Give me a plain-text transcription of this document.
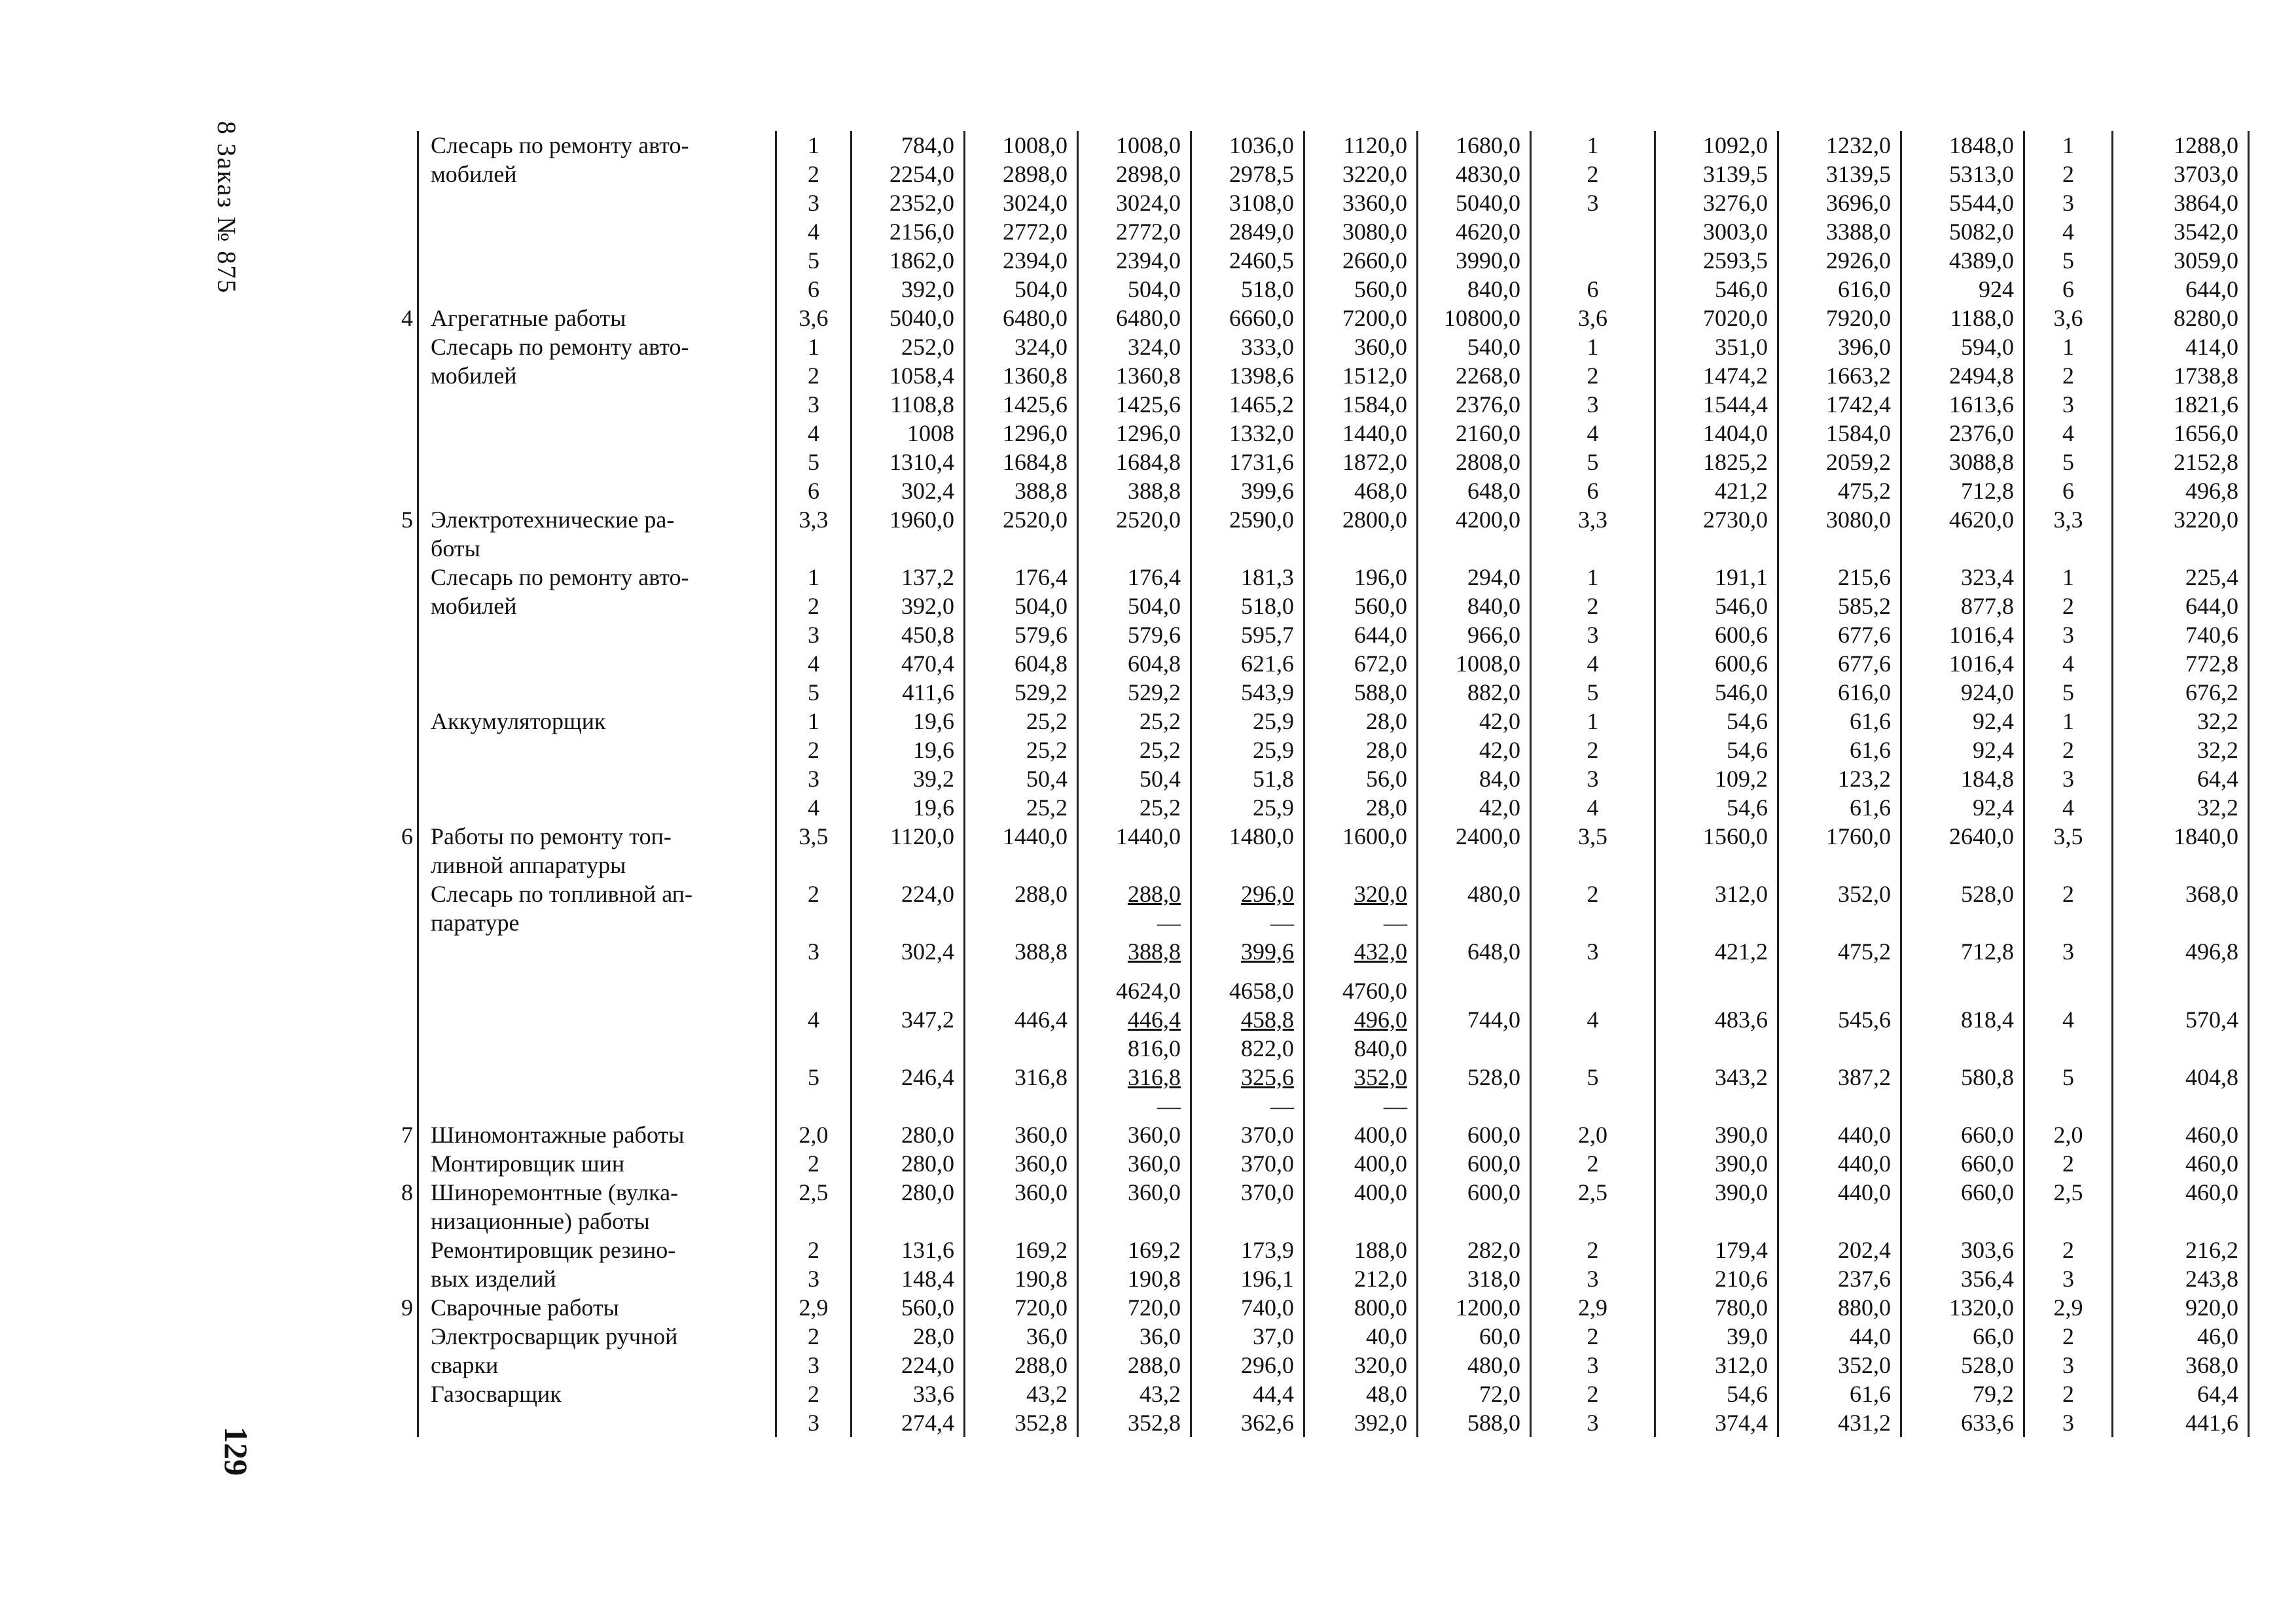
8 Заказ № 875
129
	Слесарь по ремонту авто-	1	784,0	1008,0	1008,0	1036,0	1120,0	1680,0	1	1092,0	1232,0	1848,0	1	1288,0
	мобилей	2	2254,0	2898,0	2898,0	2978,5	3220,0	4830,0	2	3139,5	3139,5	5313,0	2	3703,0
		3	2352,0	3024,0	3024,0	3108,0	3360,0	5040,0	3	3276,0	3696,0	5544,0	3	3864,0
		4	2156,0	2772,0	2772,0	2849,0	3080,0	4620,0		3003,0	3388,0	5082,0	4	3542,0
		5	1862,0	2394,0	2394,0	2460,5	2660,0	3990,0		2593,5	2926,0	4389,0	5	3059,0
		6	392,0	504,0	504,0	518,0	560,0	840,0	6	546,0	616,0	924	6	644,0
4	Агрегатные работы	3,6	5040,0	6480,0	6480,0	6660,0	7200,0	10800,0	3,6	7020,0	7920,0	1188,0	3,6	8280,0
	Слесарь по ремонту авто-	1	252,0	324,0	324,0	333,0	360,0	540,0	1	351,0	396,0	594,0	1	414,0
	мобилей	2	1058,4	1360,8	1360,8	1398,6	1512,0	2268,0	2	1474,2	1663,2	2494,8	2	1738,8
		3	1108,8	1425,6	1425,6	1465,2	1584,0	2376,0	3	1544,4	1742,4	1613,6	3	1821,6
		4	1008	1296,0	1296,0	1332,0	1440,0	2160,0	4	1404,0	1584,0	2376,0	4	1656,0
		5	1310,4	1684,8	1684,8	1731,6	1872,0	2808,0	5	1825,2	2059,2	3088,8	5	2152,8
		6	302,4	388,8	388,8	399,6	468,0	648,0	6	421,2	475,2	712,8	6	496,8
5	Электротехнические ра-	3,3	1960,0	2520,0	2520,0	2590,0	2800,0	4200,0	3,3	2730,0	3080,0	4620,0	3,3	3220,0
	боты													
	Слесарь по ремонту авто-	1	137,2	176,4	176,4	181,3	196,0	294,0	1	191,1	215,6	323,4	1	225,4
	мобилей	2	392,0	504,0	504,0	518,0	560,0	840,0	2	546,0	585,2	877,8	2	644,0
		3	450,8	579,6	579,6	595,7	644,0	966,0	3	600,6	677,6	1016,4	3	740,6
		4	470,4	604,8	604,8	621,6	672,0	1008,0	4	600,6	677,6	1016,4	4	772,8
		5	411,6	529,2	529,2	543,9	588,0	882,0	5	546,0	616,0	924,0	5	676,2
	Аккумуляторщик	1	19,6	25,2	25,2	25,9	28,0	42,0	1	54,6	61,6	92,4	1	32,2
		2	19,6	25,2	25,2	25,9	28,0	42,0	2	54,6	61,6	92,4	2	32,2
		3	39,2	50,4	50,4	51,8	56,0	84,0	3	109,2	123,2	184,8	3	64,4
		4	19,6	25,2	25,2	25,9	28,0	42,0	4	54,6	61,6	92,4	4	32,2
6	Работы по ремонту топ-	3,5	1120,0	1440,0	1440,0	1480,0	1600,0	2400,0	3,5	1560,0	1760,0	2640,0	3,5	1840,0
	ливной аппаратуры													
	Слесарь по топливной ап-	2	224,0	288,0	288,0	296,0	320,0	480,0	2	312,0	352,0	528,0	2	368,0
	паратуре				—	—	—							
		3	302,4	388,8	388,8	399,6	432,0	648,0	3	421,2	475,2	712,8	3	496,8
					4624,0	4658,0	4760,0							
		4	347,2	446,4	446,4	458,8	496,0	744,0	4	483,6	545,6	818,4	4	570,4
					816,0	822,0	840,0							
		5	246,4	316,8	316,8	325,6	352,0	528,0	5	343,2	387,2	580,8	5	404,8
					—	—	—							
7	Шиномонтажные работы	2,0	280,0	360,0	360,0	370,0	400,0	600,0	2,0	390,0	440,0	660,0	2,0	460,0
	Монтировщик шин	2	280,0	360,0	360,0	370,0	400,0	600,0	2	390,0	440,0	660,0	2	460,0
8	Шиноремонтные (вулка-	2,5	280,0	360,0	360,0	370,0	400,0	600,0	2,5	390,0	440,0	660,0	2,5	460,0
	низационные) работы													
	Ремонтировщик резино-	2	131,6	169,2	169,2	173,9	188,0	282,0	2	179,4	202,4	303,6	2	216,2
	вых изделий	3	148,4	190,8	190,8	196,1	212,0	318,0	3	210,6	237,6	356,4	3	243,8
9	Сварочные работы	2,9	560,0	720,0	720,0	740,0	800,0	1200,0	2,9	780,0	880,0	1320,0	2,9	920,0
	Электросварщик ручной	2	28,0	36,0	36,0	37,0	40,0	60,0	2	39,0	44,0	66,0	2	46,0
	сварки	3	224,0	288,0	288,0	296,0	320,0	480,0	3	312,0	352,0	528,0	3	368,0
	Газосварщик	2	33,6	43,2	43,2	44,4	48,0	72,0	2	54,6	61,6	79,2	2	64,4
		3	274,4	352,8	352,8	362,6	392,0	588,0	3	374,4	431,2	633,6	3	441,6
